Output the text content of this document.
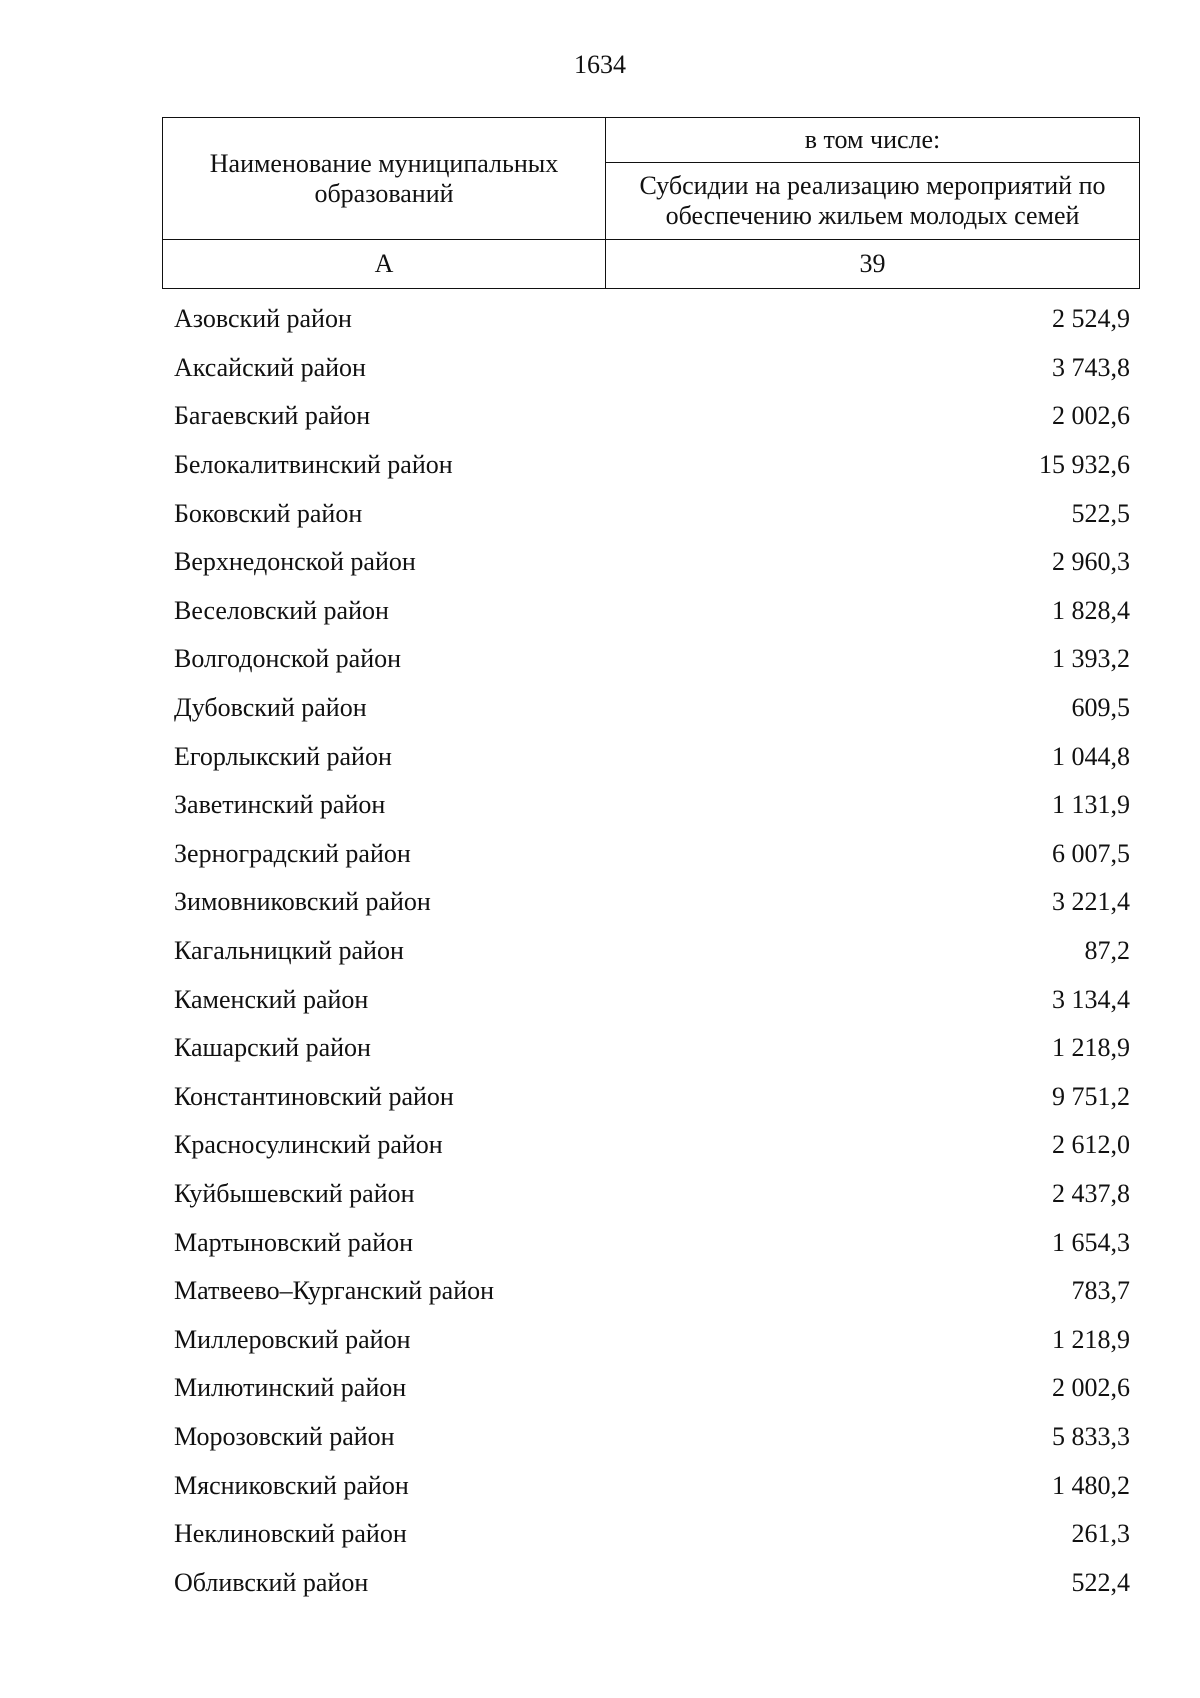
1634
Наименование муниципальных образований	в том числе:
	Субсидии на реализацию мероприятий по обеспечению жильем молодых семей
А	39
Азовский район	2 524,9
Аксайский район	3 743,8
Багаевский район	2 002,6
Белокалитвинский район	15 932,6
Боковский район	522,5
Верхнедонской район	2 960,3
Веселовский район	1 828,4
Волгодонской район	1 393,2
Дубовский район	609,5
Егорлыкский район	1 044,8
Заветинский район	1 131,9
Зерноградский район	6 007,5
Зимовниковский район	3 221,4
Кагальницкий район	87,2
Каменский район	3 134,4
Кашарский район	1 218,9
Константиновский район	9 751,2
Красносулинский район	2 612,0
Куйбышевский район	2 437,8
Мартыновский район	1 654,3
Матвеево–Курганский район	783,7
Миллеровский район	1 218,9
Милютинский район	2 002,6
Морозовский район	5 833,3
Мясниковский район	1 480,2
Неклиновский район	261,3
Обливский район	522,4
